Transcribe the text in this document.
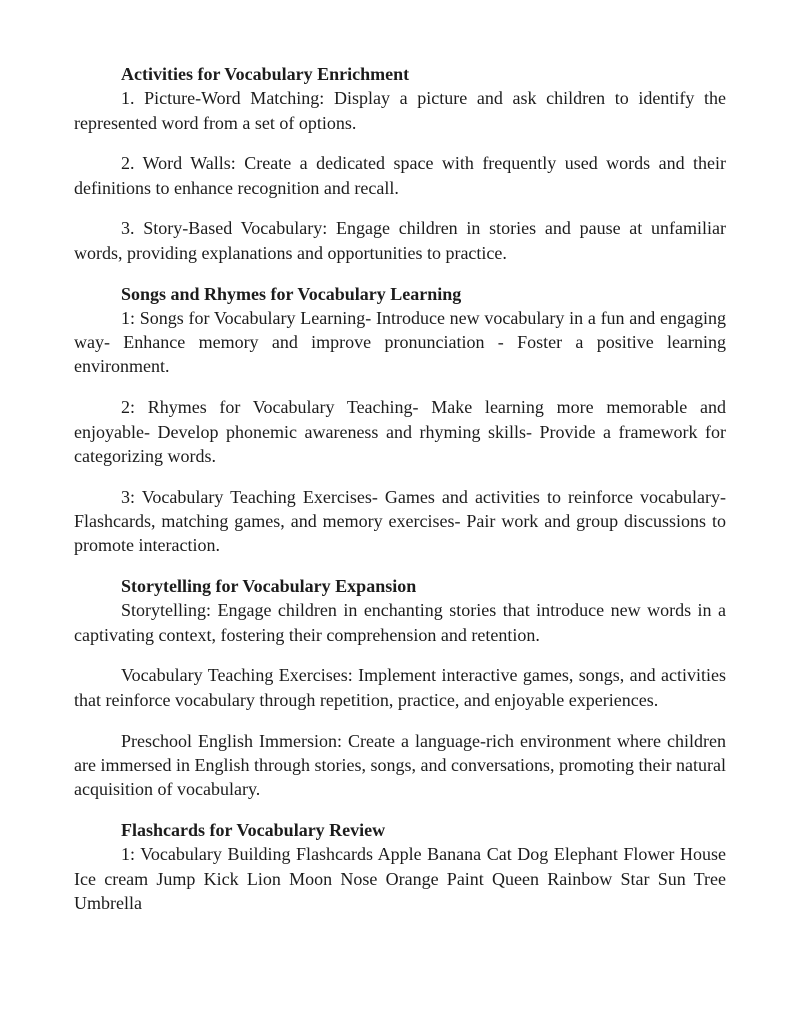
Activities for Vocabulary Enrichment

1. Picture-Word Matching: Display a picture and ask children to identify the represented word from a set of options.

2. Word Walls: Create a dedicated space with frequently used words and their definitions to enhance recognition and recall.

3. Story-Based Vocabulary: Engage children in stories and pause at unfamiliar words, providing explanations and opportunities to practice.

Songs and Rhymes for Vocabulary Learning

1: Songs for Vocabulary Learning- Introduce new vocabulary in a fun and engaging way- Enhance memory and improve pronunciation - Foster a positive learning environment.

2: Rhymes for Vocabulary Teaching- Make learning more memorable and enjoyable- Develop phonemic awareness and rhyming skills- Provide a framework for categorizing words.

3: Vocabulary Teaching Exercises- Games and activities to reinforce vocabulary- Flashcards, matching games, and memory exercises- Pair work and group discussions to promote interaction.

Storytelling for Vocabulary Expansion

Storytelling: Engage children in enchanting stories that introduce new words in a captivating context, fostering their comprehension and retention.

Vocabulary Teaching Exercises: Implement interactive games, songs, and activities that reinforce vocabulary through repetition, practice, and enjoyable experiences.

Preschool English Immersion: Create a language-rich environment where children are immersed in English through stories, songs, and conversations, promoting their natural acquisition of vocabulary.

Flashcards for Vocabulary Review

1: Vocabulary Building Flashcards Apple Banana Cat Dog Elephant Flower House Ice cream Jump Kick Lion Moon Nose Orange Paint Queen Rainbow Star Sun Tree Umbrella
